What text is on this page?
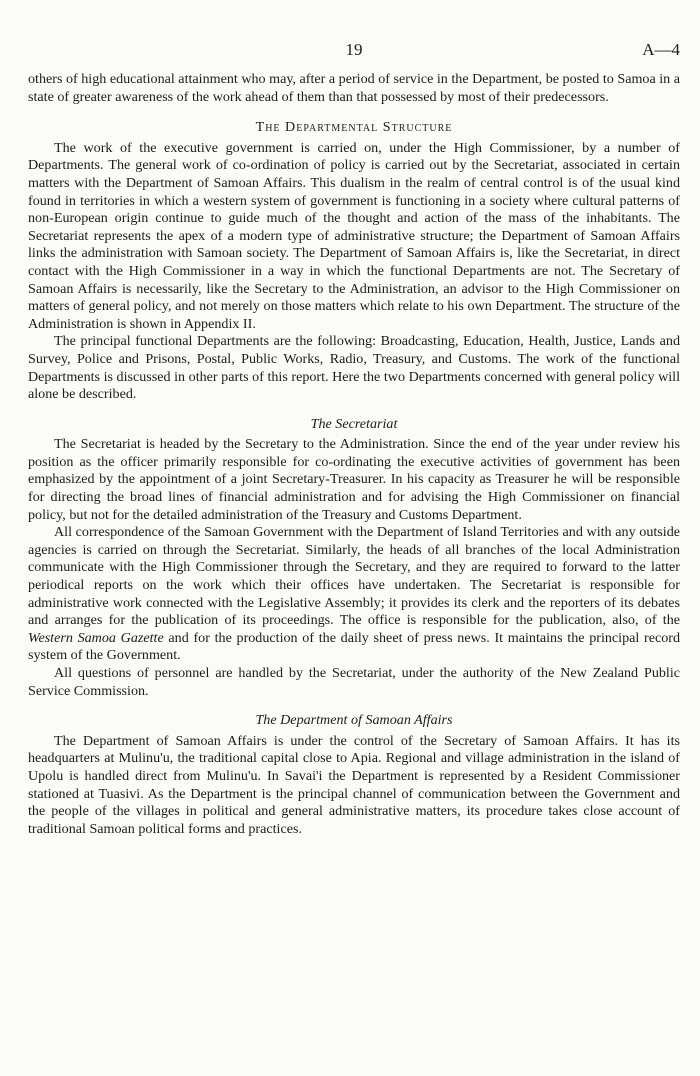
19	A—4

others of high educational attainment who may, after a period of service in the Department, be posted to Samoa in a state of greater awareness of the work ahead of them than that possessed by most of their predecessors.

The Departmental Structure

The work of the executive government is carried on, under the High Commissioner, by a number of Departments. The general work of co-ordination of policy is carried out by the Secretariat, associated in certain matters with the Department of Samoan Affairs. This dualism in the realm of central control is of the usual kind found in territories in which a western system of government is functioning in a society where cultural patterns of non-European origin continue to guide much of the thought and action of the mass of the inhabitants. The Secretariat represents the apex of a modern type of administrative structure; the Department of Samoan Affairs links the administration with Samoan society. The Department of Samoan Affairs is, like the Secretariat, in direct contact with the High Commissioner in a way in which the functional Departments are not. The Secretary of Samoan Affairs is necessarily, like the Secretary to the Administration, an advisor to the High Commissioner on matters of general policy, and not merely on those matters which relate to his own Department. The structure of the Administration is shown in Appendix II.

The principal functional Departments are the following: Broadcasting, Education, Health, Justice, Lands and Survey, Police and Prisons, Postal, Public Works, Radio, Treasury, and Customs. The work of the functional Departments is discussed in other parts of this report. Here the two Departments concerned with general policy will alone be described.

The Secretariat

The Secretariat is headed by the Secretary to the Administration. Since the end of the year under review his position as the officer primarily responsible for co-ordinating the executive activities of government has been emphasized by the appointment of a joint Secretary-Treasurer. In his capacity as Treasurer he will be responsible for directing the broad lines of financial administration and for advising the High Commissioner on financial policy, but not for the detailed administration of the Treasury and Customs Department.

All correspondence of the Samoan Government with the Department of Island Territories and with any outside agencies is carried on through the Secretariat. Similarly, the heads of all branches of the local Administration communicate with the High Commissioner through the Secretary, and they are required to forward to the latter periodical reports on the work which their offices have undertaken. The Secretariat is responsible for administrative work connected with the Legislative Assembly; it provides its clerk and the reporters of its debates and arranges for the publication of its proceedings. The office is responsible for the publication, also, of the Western Samoa Gazette and for the production of the daily sheet of press news. It maintains the principal record system of the Government.

All questions of personnel are handled by the Secretariat, under the authority of the New Zealand Public Service Commission.

The Department of Samoan Affairs

The Department of Samoan Affairs is under the control of the Secretary of Samoan Affairs. It has its headquarters at Mulinu'u, the traditional capital close to Apia. Regional and village administration in the island of Upolu is handled direct from Mulinu'u. In Savai'i the Department is represented by a Resident Commissioner stationed at Tuasivi. As the Department is the principal channel of communication between the Government and the people of the villages in political and general administrative matters, its procedure takes close account of traditional Samoan political forms and practices.
